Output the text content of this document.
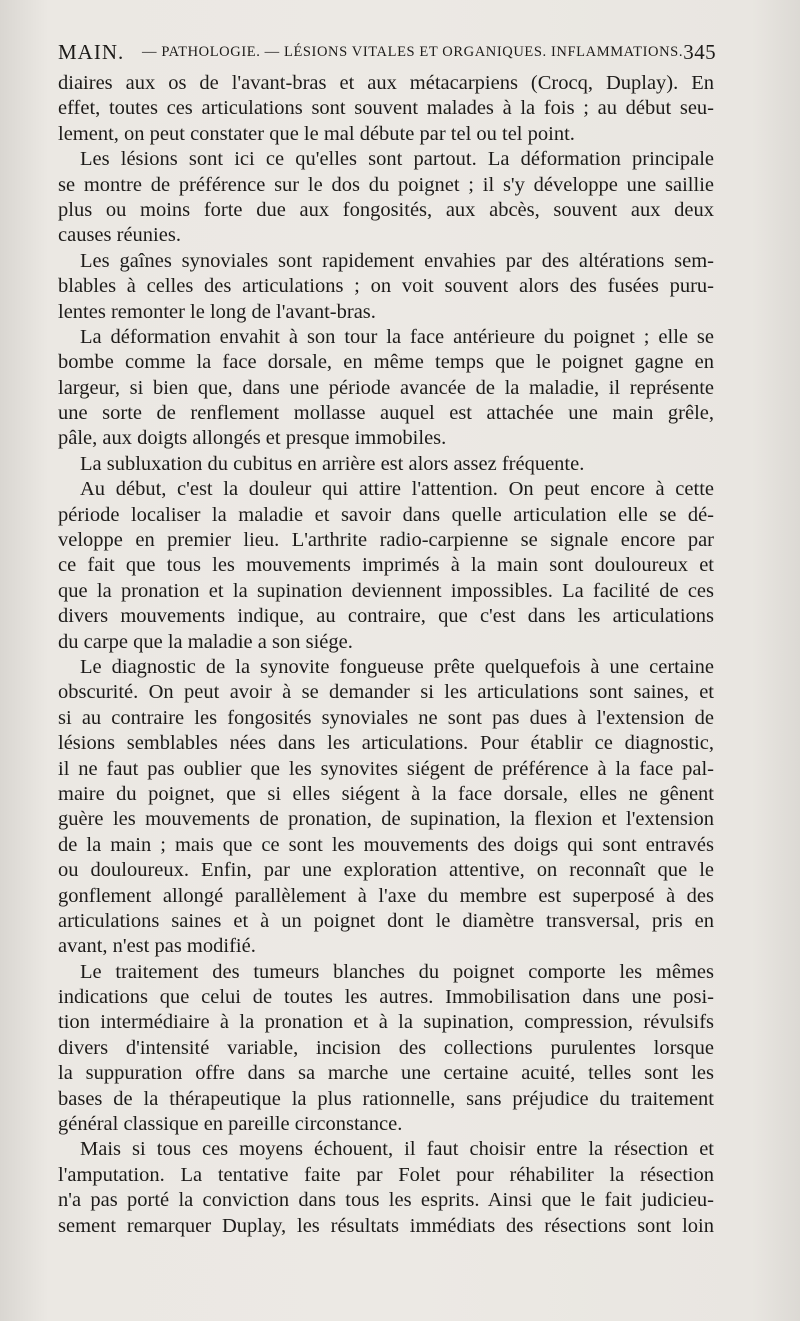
MAIN. — PATHOLOGIE. — LÉSIONS VITALES ET ORGANIQUES. INFLAMMATIONS. 345
diaires aux os de l'avant-bras et aux métacarpiens (Crocq, Duplay). En
effet, toutes ces articulations sont souvent malades à la fois ; au début seu-
lement, on peut constater que le mal débute par tel ou tel point.
Les lésions sont ici ce qu'elles sont partout. La déformation principale
se montre de préférence sur le dos du poignet ; il s'y développe une saillie
plus ou moins forte due aux fongosités, aux abcès, souvent aux deux
causes réunies.
Les gaînes synoviales sont rapidement envahies par des altérations sem-
blables à celles des articulations ; on voit souvent alors des fusées puru-
lentes remonter le long de l'avant-bras.
La déformation envahit à son tour la face antérieure du poignet ; elle se
bombe comme la face dorsale, en même temps que le poignet gagne en
largeur, si bien que, dans une période avancée de la maladie, il représente
une sorte de renflement mollasse auquel est attachée une main grêle,
pâle, aux doigts allongés et presque immobiles.
La subluxation du cubitus en arrière est alors assez fréquente.
Au début, c'est la douleur qui attire l'attention. On peut encore à cette
période localiser la maladie et savoir dans quelle articulation elle se dé-
veloppe en premier lieu. L'arthrite radio-carpienne se signale encore par
ce fait que tous les mouvements imprimés à la main sont douloureux et
que la pronation et la supination deviennent impossibles. La facilité de ces
divers mouvements indique, au contraire, que c'est dans les articulations
du carpe que la maladie a son siége.
Le diagnostic de la synovite fongueuse prête quelquefois à une certaine
obscurité. On peut avoir à se demander si les articulations sont saines, et
si au contraire les fongosités synoviales ne sont pas dues à l'extension de
lésions semblables nées dans les articulations. Pour établir ce diagnostic,
il ne faut pas oublier que les synovites siégent de préférence à la face pal-
maire du poignet, que si elles siégent à la face dorsale, elles ne gênent
guère les mouvements de pronation, de supination, la flexion et l'extension
de la main ; mais que ce sont les mouvements des doigs qui sont entravés
ou douloureux. Enfin, par une exploration attentive, on reconnaît que le
gonflement allongé parallèlement à l'axe du membre est superposé à des
articulations saines et à un poignet dont le diamètre transversal, pris en
avant, n'est pas modifié.
Le traitement des tumeurs blanches du poignet comporte les mêmes
indications que celui de toutes les autres. Immobilisation dans une posi-
tion intermédiaire à la pronation et à la supination, compression, révulsifs
divers d'intensité variable, incision des collections purulentes lorsque
la suppuration offre dans sa marche une certaine acuité, telles sont les
bases de la thérapeutique la plus rationnelle, sans préjudice du traitement
général classique en pareille circonstance.
Mais si tous ces moyens échouent, il faut choisir entre la résection et
l'amputation. La tentative faite par Folet pour réhabiliter la résection
n'a pas porté la conviction dans tous les esprits. Ainsi que le fait judicieu-
sement remarquer Duplay, les résultats immédiats des résections sont loin
